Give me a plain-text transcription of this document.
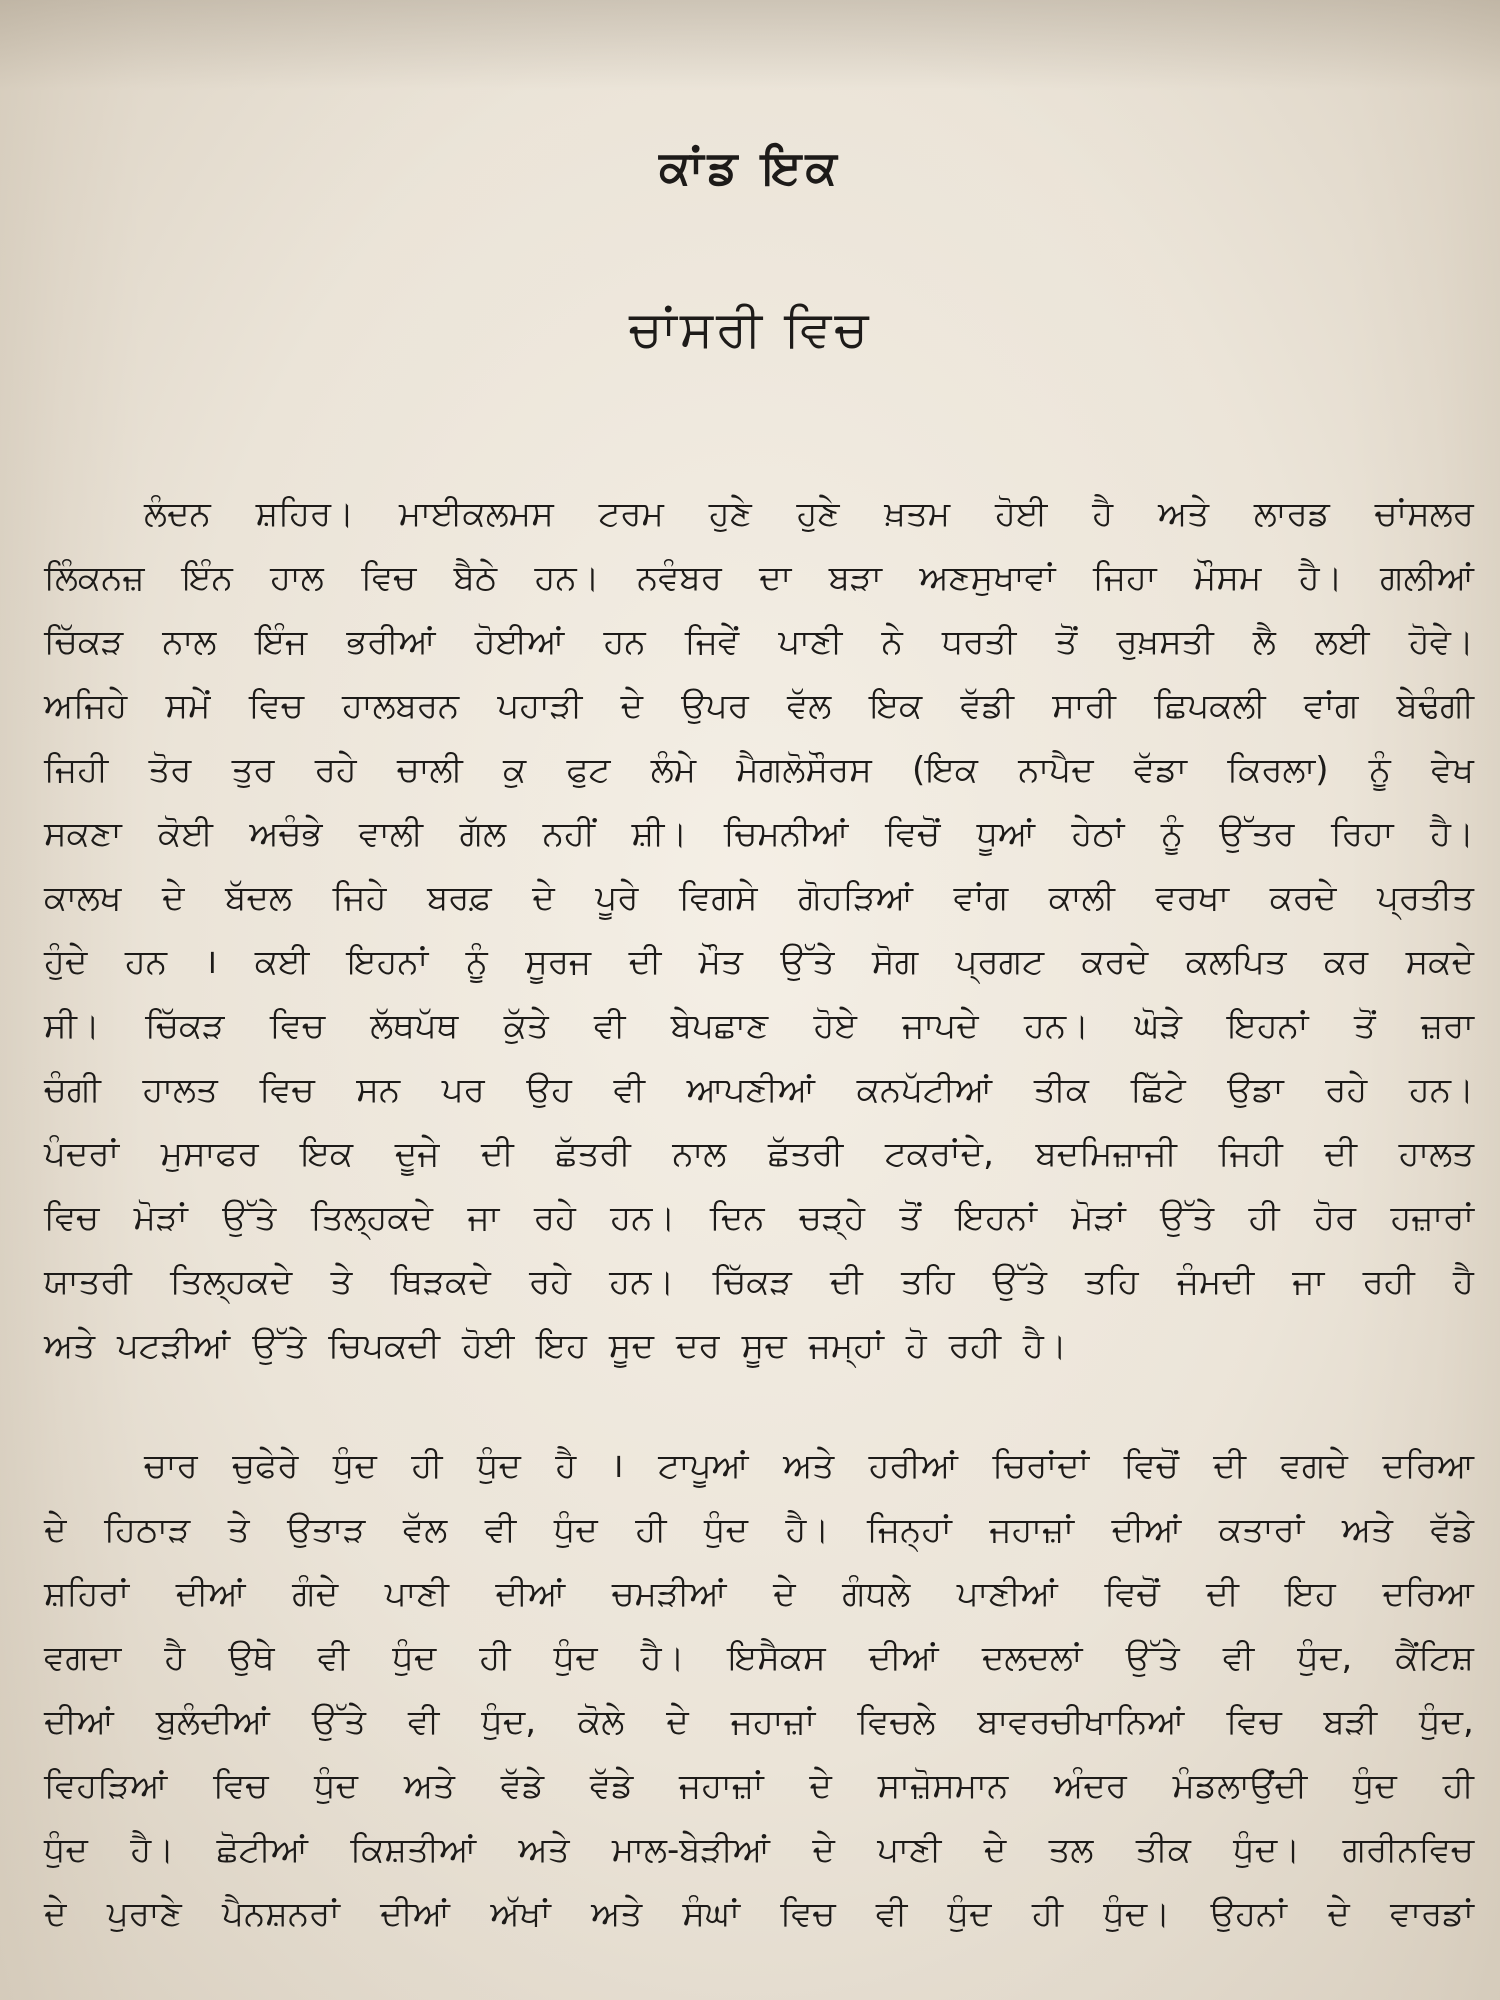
ਕਾਂਡ ਇਕ
ਚਾਂਸਰੀ ਵਿਚ
ਲੰਦਨ ਸ਼ਹਿਰ। ਮਾਈਕਲਮਸ ਟਰਮ ਹੁਣੇ ਹੁਣੇ ਖ਼ਤਮ ਹੋਈ ਹੈ ਅਤੇ ਲਾਰਡ ਚਾਂਸਲਰ
ਲਿੰਕਨਜ਼ ਇੰਨ ਹਾਲ ਵਿਚ ਬੈਠੇ ਹਨ। ਨਵੰਬਰ ਦਾ ਬੜਾ ਅਣਸੁਖਾਵਾਂ ਜਿਹਾ ਮੌਸਮ ਹੈ। ਗਲੀਆਂ
ਚਿੱਕੜ ਨਾਲ ਇੰਜ ਭਰੀਆਂ ਹੋਈਆਂ ਹਨ ਜਿਵੇਂ ਪਾਣੀ ਨੇ ਧਰਤੀ ਤੋਂ ਰੁਖ਼ਸਤੀ ਲੈ ਲਈ ਹੋਵੇ।
ਅਜਿਹੇ ਸਮੇਂ ਵਿਚ ਹਾਲਬਰਨ ਪਹਾੜੀ ਦੇ ਉਪਰ ਵੱਲ ਇਕ ਵੱਡੀ ਸਾਰੀ ਛਿਪਕਲੀ ਵਾਂਗ ਬੇਢੰਗੀ
ਜਿਹੀ ਤੋਰ ਤੁਰ ਰਹੇ ਚਾਲੀ ਕੁ ਫੁਟ ਲੰਮੇ ਮੈਗਲੋਸੌਰਸ (ਇਕ ਨਾਪੈਦ ਵੱਡਾ ਕਿਰਲਾ) ਨੂੰ ਵੇਖ
ਸਕਣਾ ਕੋਈ ਅਚੰਭੇ ਵਾਲੀ ਗੱਲ ਨਹੀਂ ਸ਼ੀ। ਚਿਮਨੀਆਂ ਵਿਚੋਂ ਧੂਆਂ ਹੇਠਾਂ ਨੂੰ ਉੱਤਰ ਰਿਹਾ ਹੈ।
ਕਾਲਖ ਦੇ ਬੱਦਲ ਜਿਹੇ ਬਰਫ਼ ਦੇ ਪੂਰੇ ਵਿਗਸੇ ਗੋਹੜਿਆਂ ਵਾਂਗ ਕਾਲੀ ਵਰਖਾ ਕਰਦੇ ਪ੍ਰਤੀਤ
ਹੁੰਦੇ ਹਨ । ਕਈ ਇਹਨਾਂ ਨੂੰ ਸੂਰਜ ਦੀ ਮੌਤ ਉੱਤੇ ਸੋਗ ਪ੍ਰਗਟ ਕਰਦੇ ਕਲਪਿਤ ਕਰ ਸਕਦੇ
ਸੀ। ਚਿੱਕੜ ਵਿਚ ਲੱਥਪੱਥ ਕੁੱਤੇ ਵੀ ਬੇਪਛਾਣ ਹੋਏ ਜਾਪਦੇ ਹਨ। ਘੋੜੇ ਇਹਨਾਂ ਤੋਂ ਜ਼ਰਾ
ਚੰਗੀ ਹਾਲਤ ਵਿਚ ਸਨ ਪਰ ਉਹ ਵੀ ਆਪਣੀਆਂ ਕਨਪੱਟੀਆਂ ਤੀਕ ਛਿੱਟੇ ਉਡਾ ਰਹੇ ਹਨ।
ਪੰਦਰਾਂ ਮੁਸਾਫਰ ਇਕ ਦੂਜੇ ਦੀ ਛੱਤਰੀ ਨਾਲ ਛੱਤਰੀ ਟਕਰਾਂਦੇ, ਬਦਮਿਜ਼ਾਜੀ ਜਿਹੀ ਦੀ ਹਾਲਤ
ਵਿਚ ਮੋੜਾਂ ਉੱਤੇ ਤਿਲ੍ਹਕਦੇ ਜਾ ਰਹੇ ਹਨ। ਦਿਨ ਚੜ੍ਹੇ ਤੋਂ ਇਹਨਾਂ ਮੋੜਾਂ ਉੱਤੇ ਹੀ ਹੋਰ ਹਜ਼ਾਰਾਂ
ਯਾਤਰੀ ਤਿਲ੍ਹਕਦੇ ਤੇ ਥਿੜਕਦੇ ਰਹੇ ਹਨ। ਚਿੱਕੜ ਦੀ ਤਹਿ ਉੱਤੇ ਤਹਿ ਜੰਮਦੀ ਜਾ ਰਹੀ ਹੈ
ਅਤੇ ਪਟੜੀਆਂ ਉੱਤੇ ਚਿਪਕਦੀ ਹੋਈ ਇਹ ਸੂਦ ਦਰ ਸੂਦ ਜਮ੍ਹਾਂ ਹੋ ਰਹੀ ਹੈ।
ਚਾਰ ਚੁਫੇਰੇ ਧੁੰਦ ਹੀ ਧੁੰਦ ਹੈ । ਟਾਪੂਆਂ ਅਤੇ ਹਰੀਆਂ ਚਿਰਾਂਦਾਂ ਵਿਚੋਂ ਦੀ ਵਗਦੇ ਦਰਿਆ
ਦੇ ਹਿਠਾੜ ਤੇ ਉਤਾੜ ਵੱਲ ਵੀ ਧੁੰਦ ਹੀ ਧੁੰਦ ਹੈ। ਜਿਨ੍ਹਾਂ ਜਹਾਜ਼ਾਂ ਦੀਆਂ ਕਤਾਰਾਂ ਅਤੇ ਵੱਡੇ
ਸ਼ਹਿਰਾਂ ਦੀਆਂ ਗੰਦੇ ਪਾਣੀ ਦੀਆਂ ਚਮੜੀਆਂ ਦੇ ਗੰਧਲੇ ਪਾਣੀਆਂ ਵਿਚੋਂ ਦੀ ਇਹ ਦਰਿਆ
ਵਗਦਾ ਹੈ ਉਥੇ ਵੀ ਧੁੰਦ ਹੀ ਧੁੰਦ ਹੈ। ਇਸੈਕਸ ਦੀਆਂ ਦਲਦਲਾਂ ਉੱਤੇ ਵੀ ਧੁੰਦ, ਕੈਂਟਿਸ਼
ਦੀਆਂ ਬੁਲੰਦੀਆਂ ਉੱਤੇ ਵੀ ਧੁੰਦ, ਕੋਲੇ ਦੇ ਜਹਾਜ਼ਾਂ ਵਿਚਲੇ ਬਾਵਰਚੀਖਾਨਿਆਂ ਵਿਚ ਬੜੀ ਧੁੰਦ,
ਵਿਹੜਿਆਂ ਵਿਚ ਧੁੰਦ ਅਤੇ ਵੱਡੇ ਵੱਡੇ ਜਹਾਜ਼ਾਂ ਦੇ ਸਾਜ਼ੋਸਮਾਨ ਅੰਦਰ ਮੰਡਲਾਉਂਦੀ ਧੁੰਦ ਹੀ
ਧੁੰਦ ਹੈ। ਛੋਟੀਆਂ ਕਿਸ਼ਤੀਆਂ ਅਤੇ ਮਾਲ-ਬੇੜੀਆਂ ਦੇ ਪਾਣੀ ਦੇ ਤਲ ਤੀਕ ਧੁੰਦ। ਗਰੀਨਵਿਚ
ਦੇ ਪੁਰਾਣੇ ਪੈਨਸ਼ਨਰਾਂ ਦੀਆਂ ਅੱਖਾਂ ਅਤੇ ਸੰਘਾਂ ਵਿਚ ਵੀ ਧੁੰਦ ਹੀ ਧੁੰਦ। ਉਹਨਾਂ ਦੇ ਵਾਰਡਾਂ
